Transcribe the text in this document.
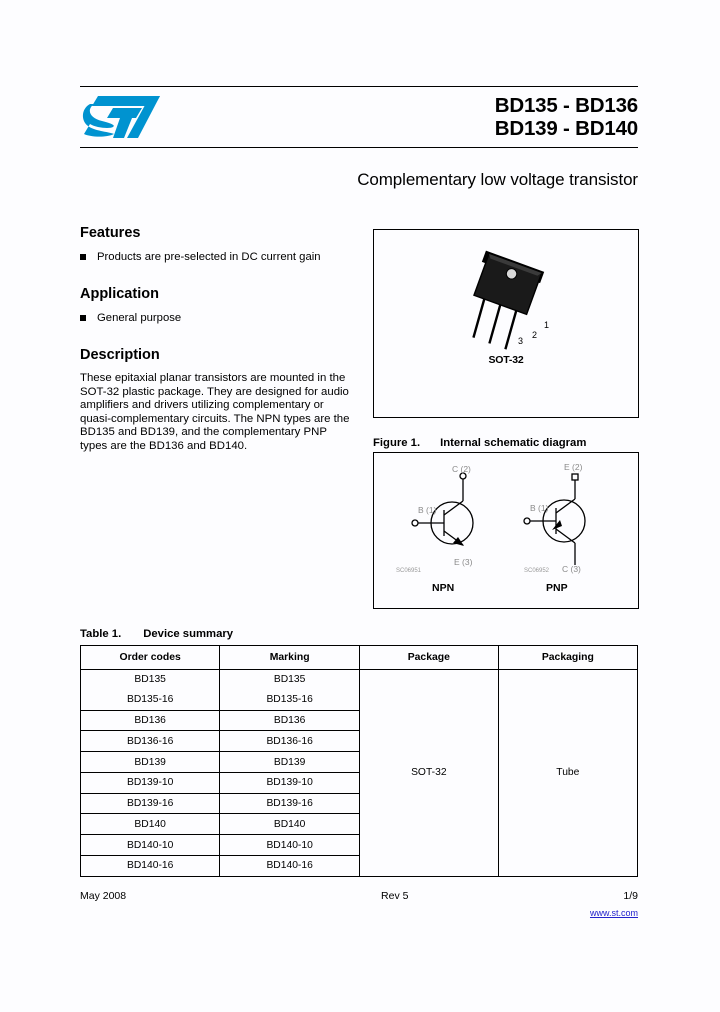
BD135 - BD136
BD139 - BD140
Complementary low voltage transistor
Features
Products are pre-selected in DC current gain
Application
General purpose
Description

These epitaxial planar transistors are mounted in the SOT-32 plastic package. They are designed for audio amplifiers and drivers utilizing complementary or quasi-complementary circuits. The NPN types are the BD135 and BD139, and the complementary PNP types are the BD136 and BD140.

1
2
3
SOT-32
Figure 1. Internal schematic diagram
C (2)
B (1)
E (3)
E (2)
B (1)
C (3)
SC06951	SC06952
NPN	PNP
Table 1. Device summary
Order codes	Marking	Package	Packaging
BD135	BD135	SOT-32	Tube
BD135-16	BD135-16		
BD136	BD136		
BD136-16	BD136-16		
BD139	BD139		
BD139-10	BD139-10		
BD139-16	BD139-16		
BD140	BD140		
BD140-10	BD140-10		
BD140-16	BD140-16		
May 2008	Rev 5	1/9
www.st.com
